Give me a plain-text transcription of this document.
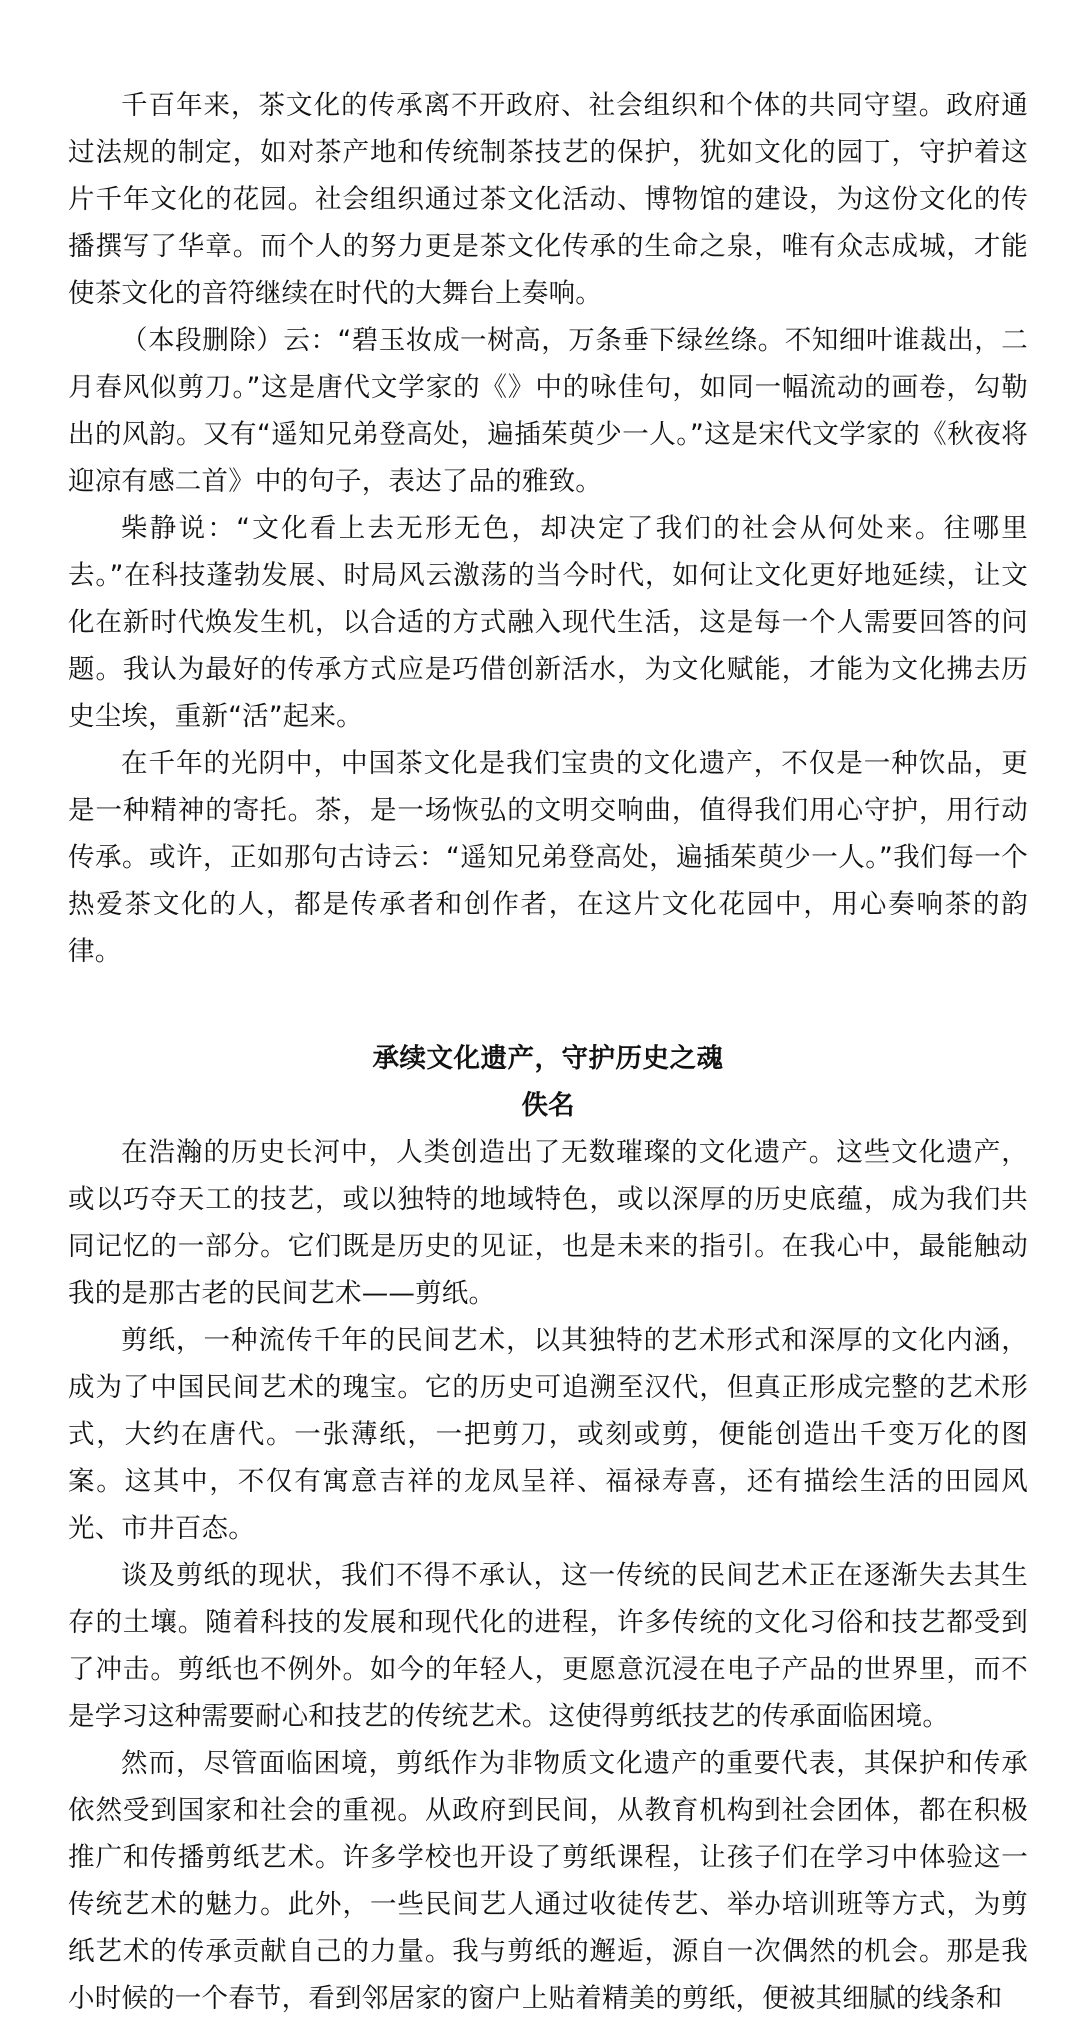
千百年来，茶文化的传承离不开政府、社会组织和个体的共同守望。政府通过法规的制定，如对茶产地和传统制茶技艺的保护，犹如文化的园丁，守护着这片千年文化的花园。社会组织通过茶文化活动、博物馆的建设，为这份文化的传播撰写了华章。而个人的努力更是茶文化传承的生命之泉，唯有众志成城，才能使茶文化的音符继续在时代的大舞台上奏响。

（本段删除）云：“碧玉妆成一树高，万条垂下绿丝绦。不知细叶谁裁出，二月春风似剪刀。”这是唐代文学家的《》中的咏佳句，如同一幅流动的画卷，勾勒出的风韵。又有“遥知兄弟登高处，遍插茱萸少一人。”这是宋代文学家的《秋夜将迎凉有感二首》中的句子，表达了品的雅致。

柴静说：“文化看上去无形无色，却决定了我们的社会从何处来。往哪里去。”在科技蓬勃发展、时局风云激荡的当今时代，如何让文化更好地延续，让文化在新时代焕发生机，以合适的方式融入现代生活，这是每一个人需要回答的问题。我认为最好的传承方式应是巧借创新活水，为文化赋能，才能为文化拂去历史尘埃，重新“活”起来。

在千年的光阴中，中国茶文化是我们宝贵的文化遗产，不仅是一种饮品，更是一种精神的寄托。茶，是一场恢弘的文明交响曲，值得我们用心守护，用行动传承。或许，正如那句古诗云：“遥知兄弟登高处，遍插茱萸少一人。”我们每一个热爱茶文化的人，都是传承者和创作者，在这片文化花园中，用心奏响茶的韵律。

承续文化遗产，守护历史之魂
佚名

在浩瀚的历史长河中，人类创造出了无数璀璨的文化遗产。这些文化遗产，或以巧夺天工的技艺，或以独特的地域特色，或以深厚的历史底蕴，成为我们共同记忆的一部分。它们既是历史的见证，也是未来的指引。在我心中，最能触动我的是那古老的民间艺术——剪纸。

剪纸，一种流传千年的民间艺术，以其独特的艺术形式和深厚的文化内涵，成为了中国民间艺术的瑰宝。它的历史可追溯至汉代，但真正形成完整的艺术形式，大约在唐代。一张薄纸，一把剪刀，或刻或剪，便能创造出千变万化的图案。这其中，不仅有寓意吉祥的龙凤呈祥、福禄寿喜，还有描绘生活的田园风光、市井百态。

谈及剪纸的现状，我们不得不承认，这一传统的民间艺术正在逐渐失去其生存的土壤。随着科技的发展和现代化的进程，许多传统的文化习俗和技艺都受到了冲击。剪纸也不例外。如今的年轻人，更愿意沉浸在电子产品的世界里，而不是学习这种需要耐心和技艺的传统艺术。这使得剪纸技艺的传承面临困境。

然而，尽管面临困境，剪纸作为非物质文化遗产的重要代表，其保护和传承依然受到国家和社会的重视。从政府到民间，从教育机构到社会团体，都在积极推广和传播剪纸艺术。许多学校也开设了剪纸课程，让孩子们在学习中体验这一传统艺术的魅力。此外，一些民间艺人通过收徒传艺、举办培训班等方式，为剪纸艺术的传承贡献自己的力量。我与剪纸的邂逅，源自一次偶然的机会。那是我小时候的一个春节，看到邻居家的窗户上贴着精美的剪纸，便被其细腻的线条和
